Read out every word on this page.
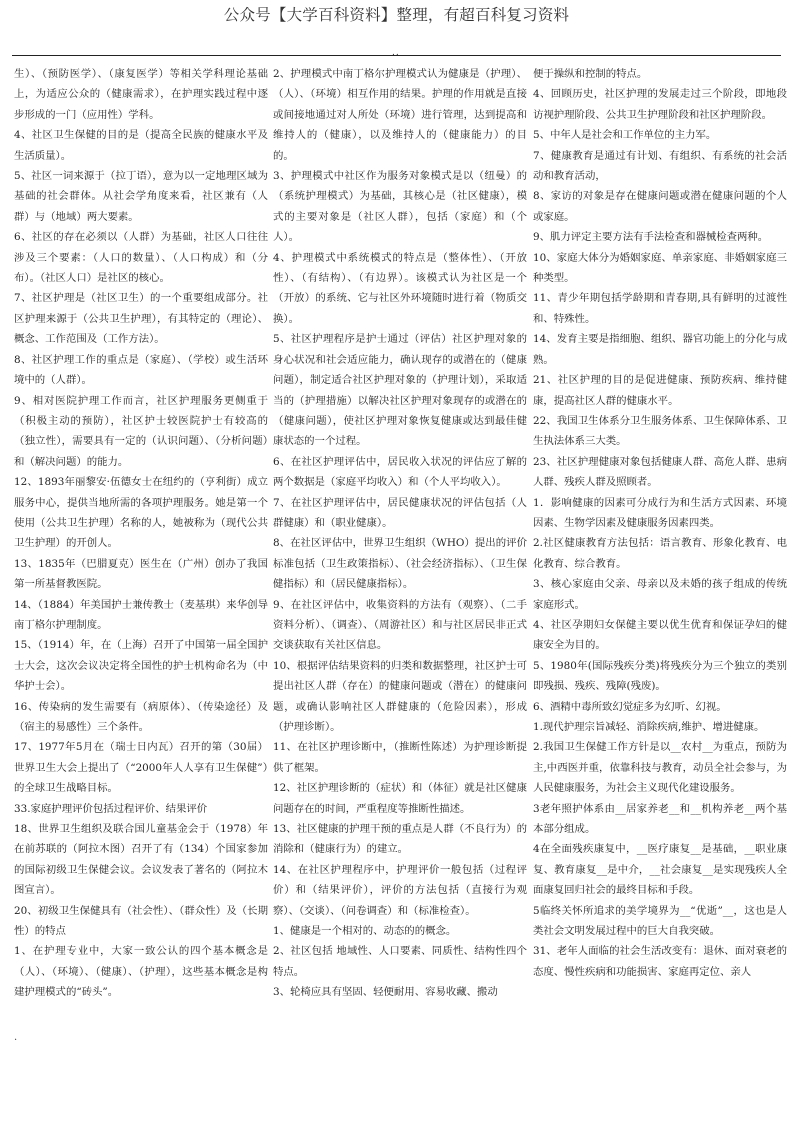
公众号【大学百科资料】整理，有超百科复习资料
..

生）、（预防医学）、（康复医学）等相关学科理论基础上，为适应公众的（健康需求），在护理实践过程中逐步形成的一门（应用性）学科。

4、社区卫生保健的目的是（提高全民族的健康水平及生活质量）。

5、社区一词来源于（拉丁语），意为以一定地理区域为基础的社会群体。从社会学角度来看，社区兼有（人群）与（地域）两大要素。

6、社区的存在必须以（人群）为基础，社区人口往往涉及三个要素：（人口的数量）、（人口构成）和（分布）。（社区人口）是社区的核心。

7、社区护理是（社区卫生）的一个重要组成部分。社区护理来源于（公共卫生护理），有其特定的（理论）、概念、工作范围及（工作方法）。

8、社区护理工作的重点是（家庭）、（学校）或生活环境中的（人群）。

9、相对医院护理工作而言，社区护理服务更侧重于（积极主动的预防），社区护士较医院护士有较高的（独立性），需要具有一定的（认识问题）、（分析问题）和（解决问题）的能力。

12、1893年丽黎安·伍德女士在纽约的（亨利街）成立服务中心，提供当地所需的各项护理服务。她是第一个使用（公共卫生护理）名称的人，她被称为（现代公共卫生护理）的开创人。

13、1835年（巴腊夏克）医生在（广州）创办了我国第一所基督教医院。

14、（1884）年美国护士兼传教士（麦基琪）来华创导南丁格尔护理制度。

15、（1914）年，在（上海）召开了中国第一届全国护士大会，这次会议决定将全国性的护士机构命名为（中华护士会）。

16、传染病的发生需要有（病原体）、（传染途径）及（宿主的易感性）三个条件。

17、1977年5月在（瑞士日内瓦）召开的第（30届）世界卫生大会上提出了（“2000年人人享有卫生保健”）的全球卫生战略目标。

33.家庭护理评价包括过程评价、结果评价

18、世界卫生组织及联合国儿童基金会于（1978）年在前苏联的（阿拉木图）召开了有（134）个国家参加的国际初级卫生保健会议。会议发表了著名的（阿拉木图宣言）。

20、初级卫生保健具有（社会性）、（群众性）及（长期性）的特点

1、在护理专业中，大家一致公认的四个基本概念是（人）、（环境）、（健康）、（护理），这些基本概念是构建护理模式的“砖头”。

2、护理模式中南丁格尔护理模式认为健康是（护理）、（人）、（环境）相互作用的结果。护理的作用就是直接或间接地通过对人所处（环境）进行管理，达到提高和维持人的（健康），以及维持人的（健康能力）的目的。

3、护理模式中社区作为服务对象模式是以（纽曼）的（系统护理模式）为基础，其核心是（社区健康），模式的主要对象是（社区人群），包括（家庭）和（个人）。

4、护理模式中系统模式的特点是（整体性）、（开放性）、（有结构）、（有边界）。该模式认为社区是一个（开放）的系统、它与社区外环境随时进行着（物质交换）。

5、社区护理程序是护士通过（评估）社区护理对象的身心状况和社会适应能力，确认现存的或潜在的（健康问题），制定适合社区护理对象的（护理计划），采取适当的（护理措施）以解决社区护理对象现存的或潜在的（健康问题），使社区护理对象恢复健康或达到最佳健康状态的一个过程。

6、在社区护理评估中，居民收入状况的评估应了解的两个数据是（家庭平均收入）和（个人平均收入）。

7、在社区护理评估中，居民健康状况的评估包括（人群健康）和（职业健康）。

8、在社区评估中，世界卫生组织（WHO）提出的评价标准包括（卫生政策指标）、（社会经济指标）、（卫生保健指标）和（居民健康指标）。

9、在社区评估中，收集资料的方法有（观察）、（二手资料分析）、（调查）、（周游社区）和与社区居民非正式交谈获取有关社区信息。

10、根据评估结果资料的归类和数据整理，社区护士可提出社区人群（存在）的健康问题或（潜在）的健康问题，或确认影响社区人群健康的（危险因素），形成（护理诊断）。

11、在社区护理诊断中，（推断性陈述）为护理诊断提供了框架。

12、社区护理诊断的（症状）和（体征）就是社区健康问题存在的时间，严重程度等推断性描述。

13、社区健康的护理干预的重点是人群（不良行为）的消除和（健康行为）的建立。

14、在社区护理程序中，护理评价一般包括（过程评价）和（结果评价），评价的方法包括（直接行为观察）、（交谈）、（问卷调查）和（标准检查）。

1、健康是一个相对的、动态的的概念。

2、社区包括 地域性、人口要素、同质性、结构性四个特点。

3、轮椅应具有坚固、轻便耐用、容易收藏、搬动

便于操纵和控制的特点。

4、回顾历史，社区护理的发展走过三个阶段，即地段访视护理阶段、公共卫生护理阶段和社区护理阶段。

5、中年人是社会和工作单位的主力军。

7、健康教育是通过有计划、有组织、有系统的社会活动和教育活动，

8、家访的对象是存在健康问题或潜在健康问题的个人或家庭。

9、肌力评定主要方法有手法检查和器械检查两种。

10、家庭大体分为婚姻家庭、单亲家庭、非婚姻家庭三种类型。

11、青少年期包括学龄期和青春期,具有鲜明的过渡性和、特殊性。

14、发育主要是指细胞、组织、器官功能上的分化与成熟。

21、社区护理的目的是促进健康、预防疾病、维持健康，提高社区人群的健康水平。

22、我国卫生体系分卫生服务体系、卫生保障体系、卫生执法体系三大类。

23、社区护理健康对象包括健康人群、高危人群、患病人群、残疾人群及照顾者。

1．影响健康的因素可分成行为和生活方式因素、环境因素、生物学因素及健康服务因素四类。

2.社区健康教育方法包括：语言教育、形象化教育、电化教育、综合教育。

3、核心家庭由父亲、母亲以及未婚的孩子组成的传统家庭形式。

4、社区孕期妇女保健主要以优生优育和保证孕妇的健康安全为目的。

5、1980年(国际残疾分类)将残疾分为三个独立的类别即残损、残疾、残障(残废)。

6、酒精中毒所致幻觉症多为幻听、幻视。

1.现代护理宗旨减轻、消除疾病,维护、增进健康。

2.我国卫生保健工作方针是以__农村__为重点，预防为主,中西医并重，依靠科技与教育，动员全社会参与，为人民健康服务，为社会主义现代化建设服务。

3老年照护体系由__居家养老__和__机构养老__两个基本部分组成。

4在全面残疾康复中，__医疗康复__是基础，__职业康复、教育康复__是中介，__社会康复__是实现残疾人全面康复回归社会的最终目标和手段。

5临终关怀所追求的美学境界为__“优逝”__，这也是人类社会文明发展过程中的巨大自我突破。

31、老年人面临的社会生活改变有：退休、面对衰老的态度、慢性疾病和功能损害、家庭再定位、亲人

.
